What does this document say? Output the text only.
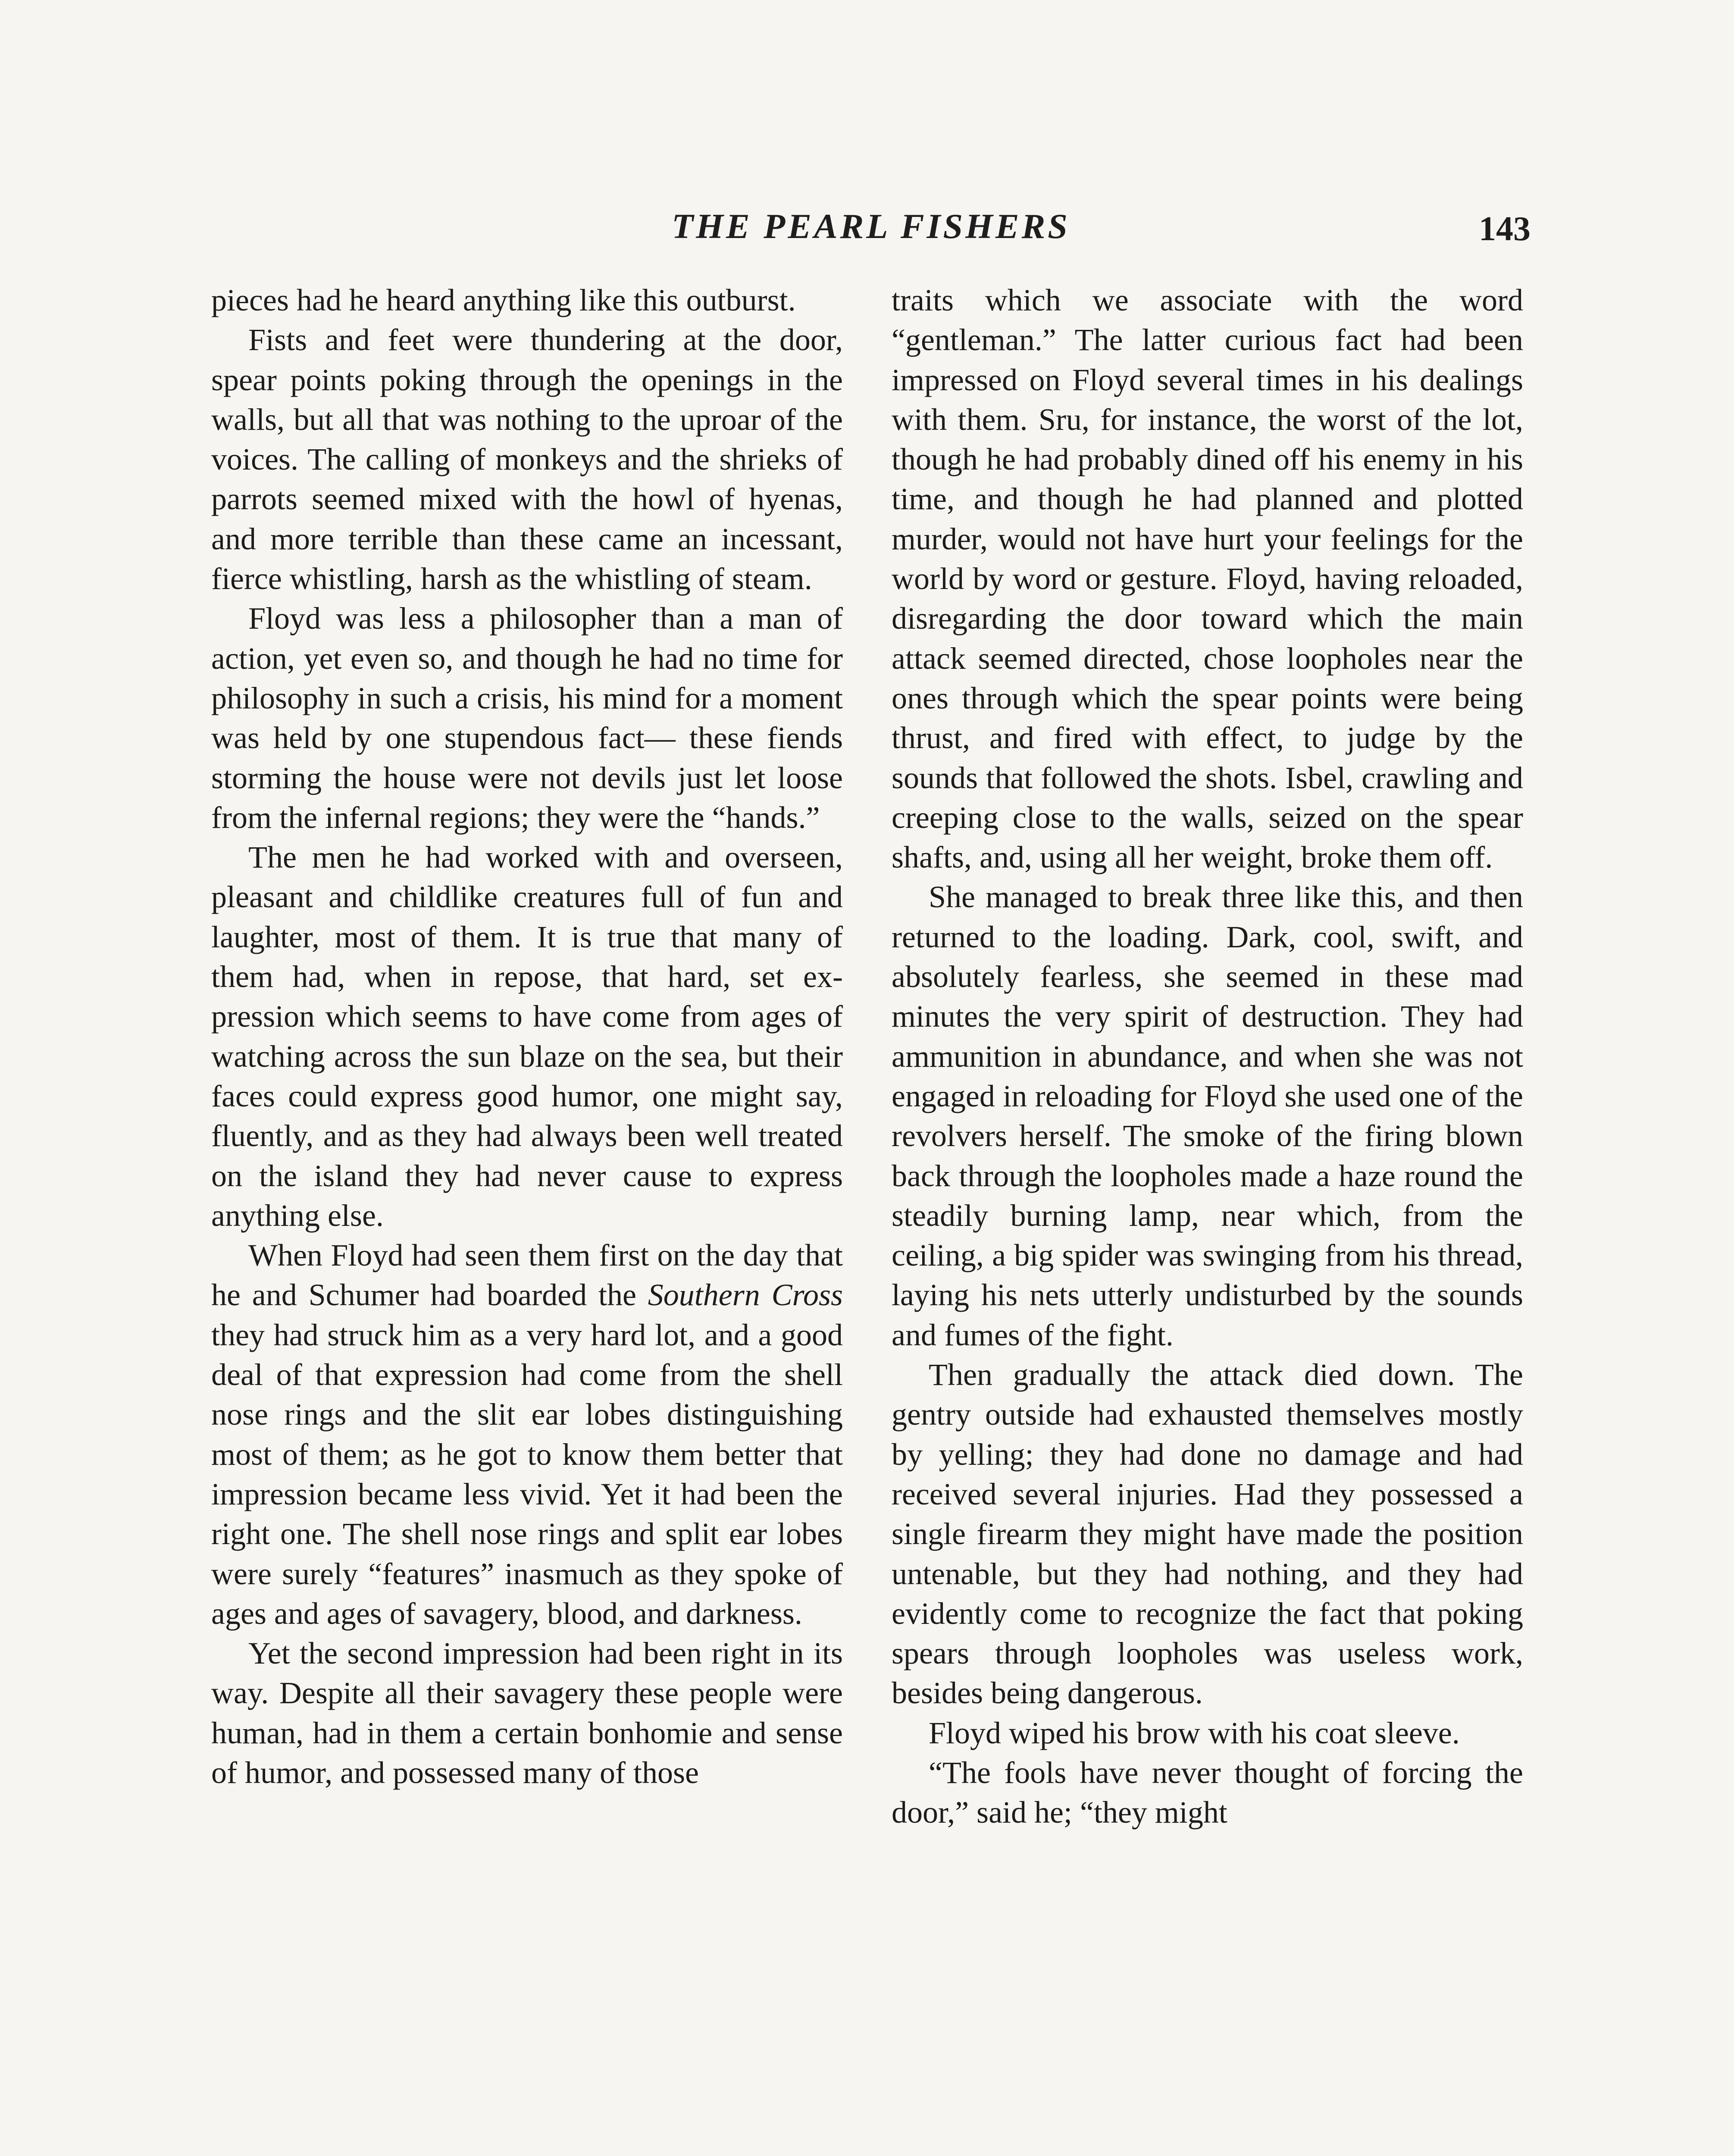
THE PEARL FISHERS	143

pieces had he heard anything like this outburst.

Fists and feet were thundering at the door, spear points poking through the openings in the walls, but all that was nothing to the uproar of the voices. The calling of monkeys and the shrieks of parrots seemed mixed with the howl of hyenas, and more terrible than these came an incessant, fierce whistling, harsh as the whistling of steam.

Floyd was less a philosopher than a man of action, yet even so, and though he had no time for philosophy in such a crisis, his mind for a moment was held by one stupendous fact— these fiends storming the house were not devils just let loose from the infernal regions; they were the “hands.”

The men he had worked with and overseen, pleasant and childlike creatures full of fun and laughter, most of them. It is true that many of them had, when in repose, that hard, set expression which seems to have come from ages of watching across the sun blaze on the sea, but their faces could express good humor, one might say, fluently, and as they had always been well treated on the island they had never cause to express anything else.

When Floyd had seen them first on the day that he and Schumer had boarded the Southern Cross they had struck him as a very hard lot, and a good deal of that expression had come from the shell nose rings and the slit ear lobes distinguishing most of them; as he got to know them better that impression became less vivid. Yet it had been the right one. The shell nose rings and split ear lobes were surely “features” inasmuch as they spoke of ages and ages of savagery, blood, and darkness.

Yet the second impression had been right in its way. Despite all their savagery these people were human, had in them a certain bonhomie and sense of humor, and possessed many of those

traits which we associate with the word “gentleman.” The latter curious fact had been impressed on Floyd several times in his dealings with them. Sru, for instance, the worst of the lot, though he had probably dined off his enemy in his time, and though he had planned and plotted murder, would not have hurt your feelings for the world by word or gesture. Floyd, having reloaded, disregarding the door toward which the main attack seemed directed, chose loopholes near the ones through which the spear points were being thrust, and fired with effect, to judge by the sounds that followed the shots. Isbel, crawling and creeping close to the walls, seized on the spear shafts, and, using all her weight, broke them off.

She managed to break three like this, and then returned to the loading. Dark, cool, swift, and absolutely fearless, she seemed in these mad minutes the very spirit of destruction. They had ammunition in abundance, and when she was not engaged in reloading for Floyd she used one of the revolvers herself. The smoke of the firing blown back through the loopholes made a haze round the steadily burning lamp, near which, from the ceiling, a big spider was swinging from his thread, laying his nets utterly undisturbed by the sounds and fumes of the fight.

Then gradually the attack died down. The gentry outside had exhausted themselves mostly by yelling; they had done no damage and had received several injuries. Had they possessed a single firearm they might have made the position untenable, but they had nothing, and they had evidently come to recognize the fact that poking spears through loopholes was useless work, besides being dangerous.

Floyd wiped his brow with his coat sleeve.

“The fools have never thought of forcing the door,” said he; “they might
